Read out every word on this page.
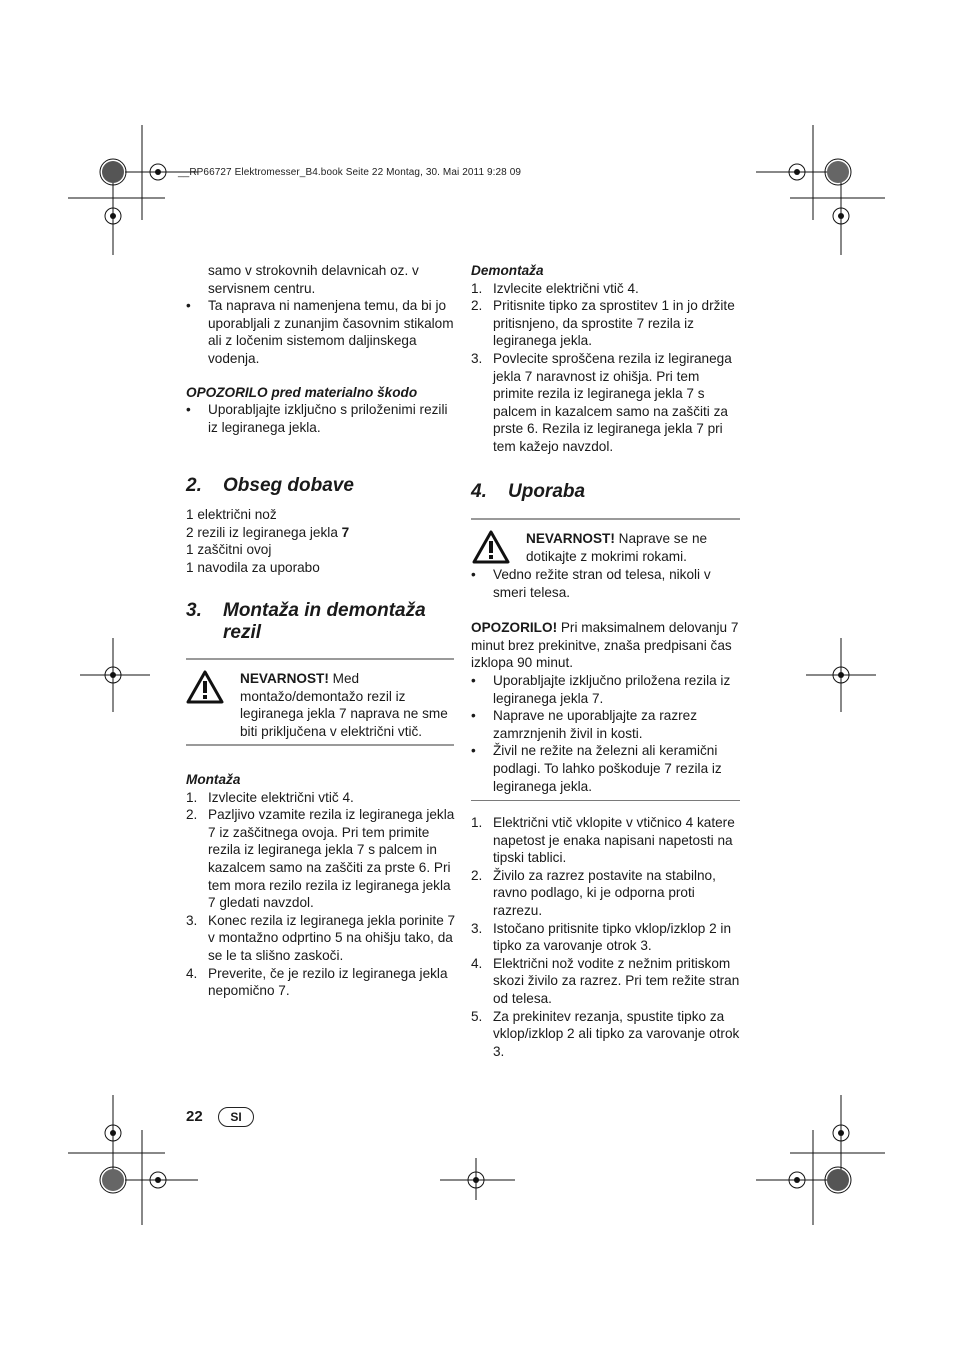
__RP66727 Elektromesser_B4.book Seite 22 Montag, 30. Mai 2011 9:28 09

samo v strokovnih delavnicah oz. v servisnem centru.

• Ta naprava ni namenjena temu, da bi jo uporabljali z zunanjim časovnim stikalom ali z ločenim sistemom daljinskega vodenja.

OPOZORILO pred materialno škodo

• Uporabljajte izključno s priloženimi rezili iz legiranega jekla.
2. Obseg dobave
1 električni nož
2 rezili iz legiranega jekla 7
1 zaščitni ovoj
1 navodila za uporabo
3. Montaža in demontaža
rezil
NEVARNOST! Med montažo/demontažo rezil iz legiranega jekla 7 naprava ne sme biti priključena v električni vtič.

Montaža

1. Izvlecite električni vtič 4.
2. Pazljivo vzamite rezila iz legiranega jekla 7 iz zaščitnega ovoja. Pri tem primite rezila iz legiranega jekla 7 s palcem in kazalcem samo na zaščiti za prste 6. Pri tem mora rezilo rezila iz legiranega jekla 7 gledati navzdol.
3. Konec rezila iz legiranega jekla porinite 7 v montažno odprtino 5 na ohišju tako, da se le ta slišno zaskoči.
4. Preverite, če je rezilo iz legiranega jekla nepomično 7.

Demontaža

1. Izvlecite električni vtič 4.
2. Pritisnite tipko za sprostitev 1 in jo držite pritisnjeno, da sprostite 7 rezila iz legiranega jekla.
3. Povlecite sproščena rezila iz legiranega jekla 7 naravnost iz ohišja. Pri tem primite rezila iz legiranega jekla 7 s palcem in kazalcem samo na zaščiti za prste 6. Rezila iz legiranega jekla 7 pri tem kažejo navzdol.
4. Uporaba
NEVARNOST! Naprave se ne dotikajte z mokrimi rokami.
• Vedno režite stran od telesa, nikoli v smeri telesa.

OPOZORILO! Pri maksimalnem delovanju 7 minut brez prekinitve, znaša predpisani čas izklopa 90 minut.

• Uporabljajte izključno priložena rezila iz legiranega jekla 7.
• Naprave ne uporabljajte za razrez zamrznjenih živil in kosti.
• Živil ne režite na železni ali keramični podlagi. To lahko poškoduje 7 rezila iz legiranega jekla.
1. Električni vtič vklopite v vtičnico 4 katere napetost je enaka napisani napetosti na tipski tablici.
2. Živilo za razrez postavite na stabilno, ravno podlago, ki je odporna proti razrezu.
3. Istočano pritisnite tipko vklop/izklop 2 in tipko za varovanje otrok 3.
4. Električni nož vodite z nežnim pritiskom skozi živilo za razrez. Pri tem režite stran od telesa.
5. Za prekinitev rezanja, spustite tipko za vklop/izklop 2 ali tipko za varovanje otrok 3.
22	SI
